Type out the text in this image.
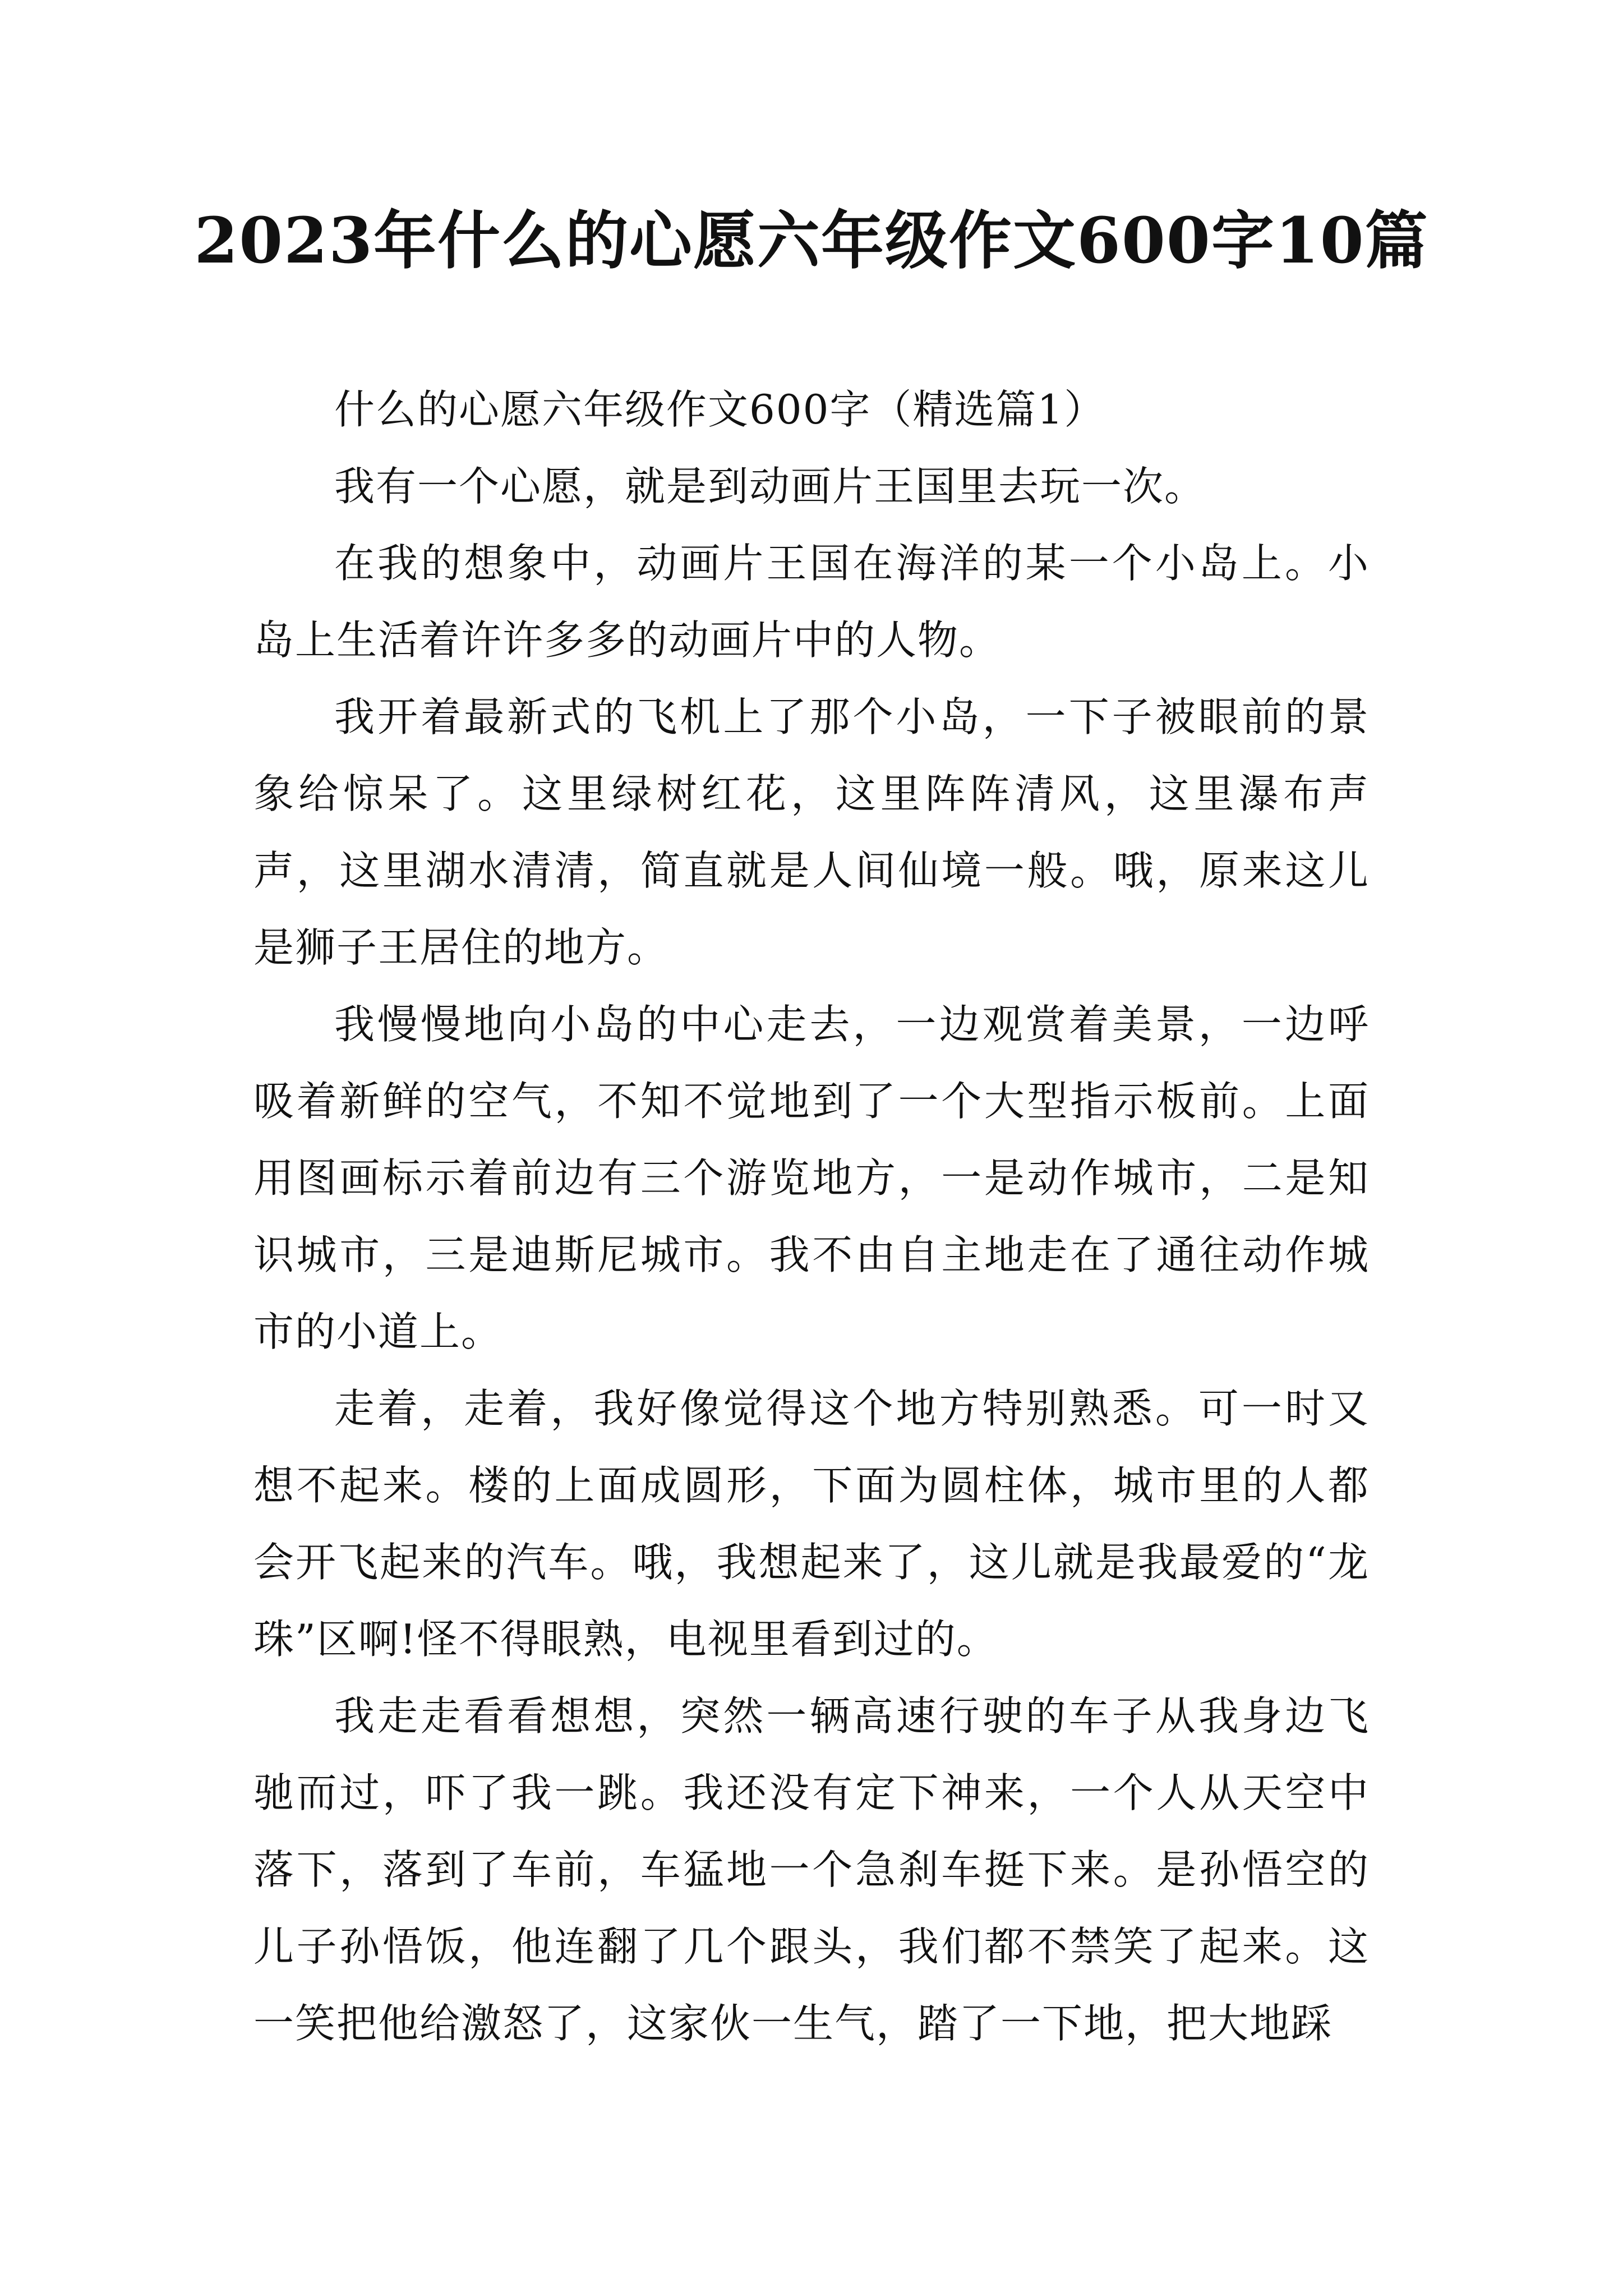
2023年什么的心愿六年级作文600字10篇

什么的心愿六年级作文600字（精选篇1）

我有一个心愿，就是到动画片王国里去玩一次。

在我的想象中，动画片王国在海洋的某一个小岛上。小岛上生活着许许多多的动画片中的人物。

我开着最新式的飞机上了那个小岛，一下子被眼前的景象给惊呆了。这里绿树红花，这里阵阵清风，这里瀑布声声，这里湖水清清，简直就是人间仙境一般。哦，原来这儿是狮子王居住的地方。

我慢慢地向小岛的中心走去，一边观赏着美景，一边呼吸着新鲜的空气，不知不觉地到了一个大型指示板前。上面用图画标示着前边有三个游览地方，一是动作城市，二是知识城市，三是迪斯尼城市。我不由自主地走在了通往动作城市的小道上。

走着，走着，我好像觉得这个地方特别熟悉。可一时又想不起来。楼的上面成圆形，下面为圆柱体，城市里的人都会开飞起来的汽车。哦，我想起来了，这儿就是我最爱的“龙珠”区啊!怪不得眼熟，电视里看到过的。

我走走看看想想，突然一辆高速行驶的车子从我身边飞驰而过，吓了我一跳。我还没有定下神来，一个人从天空中落下，落到了车前，车猛地一个急刹车挺下来。是孙悟空的儿子孙悟饭，他连翻了几个跟头，我们都不禁笑了起来。这一笑把他给激怒了，这家伙一生气，踏了一下地，把大地踩
